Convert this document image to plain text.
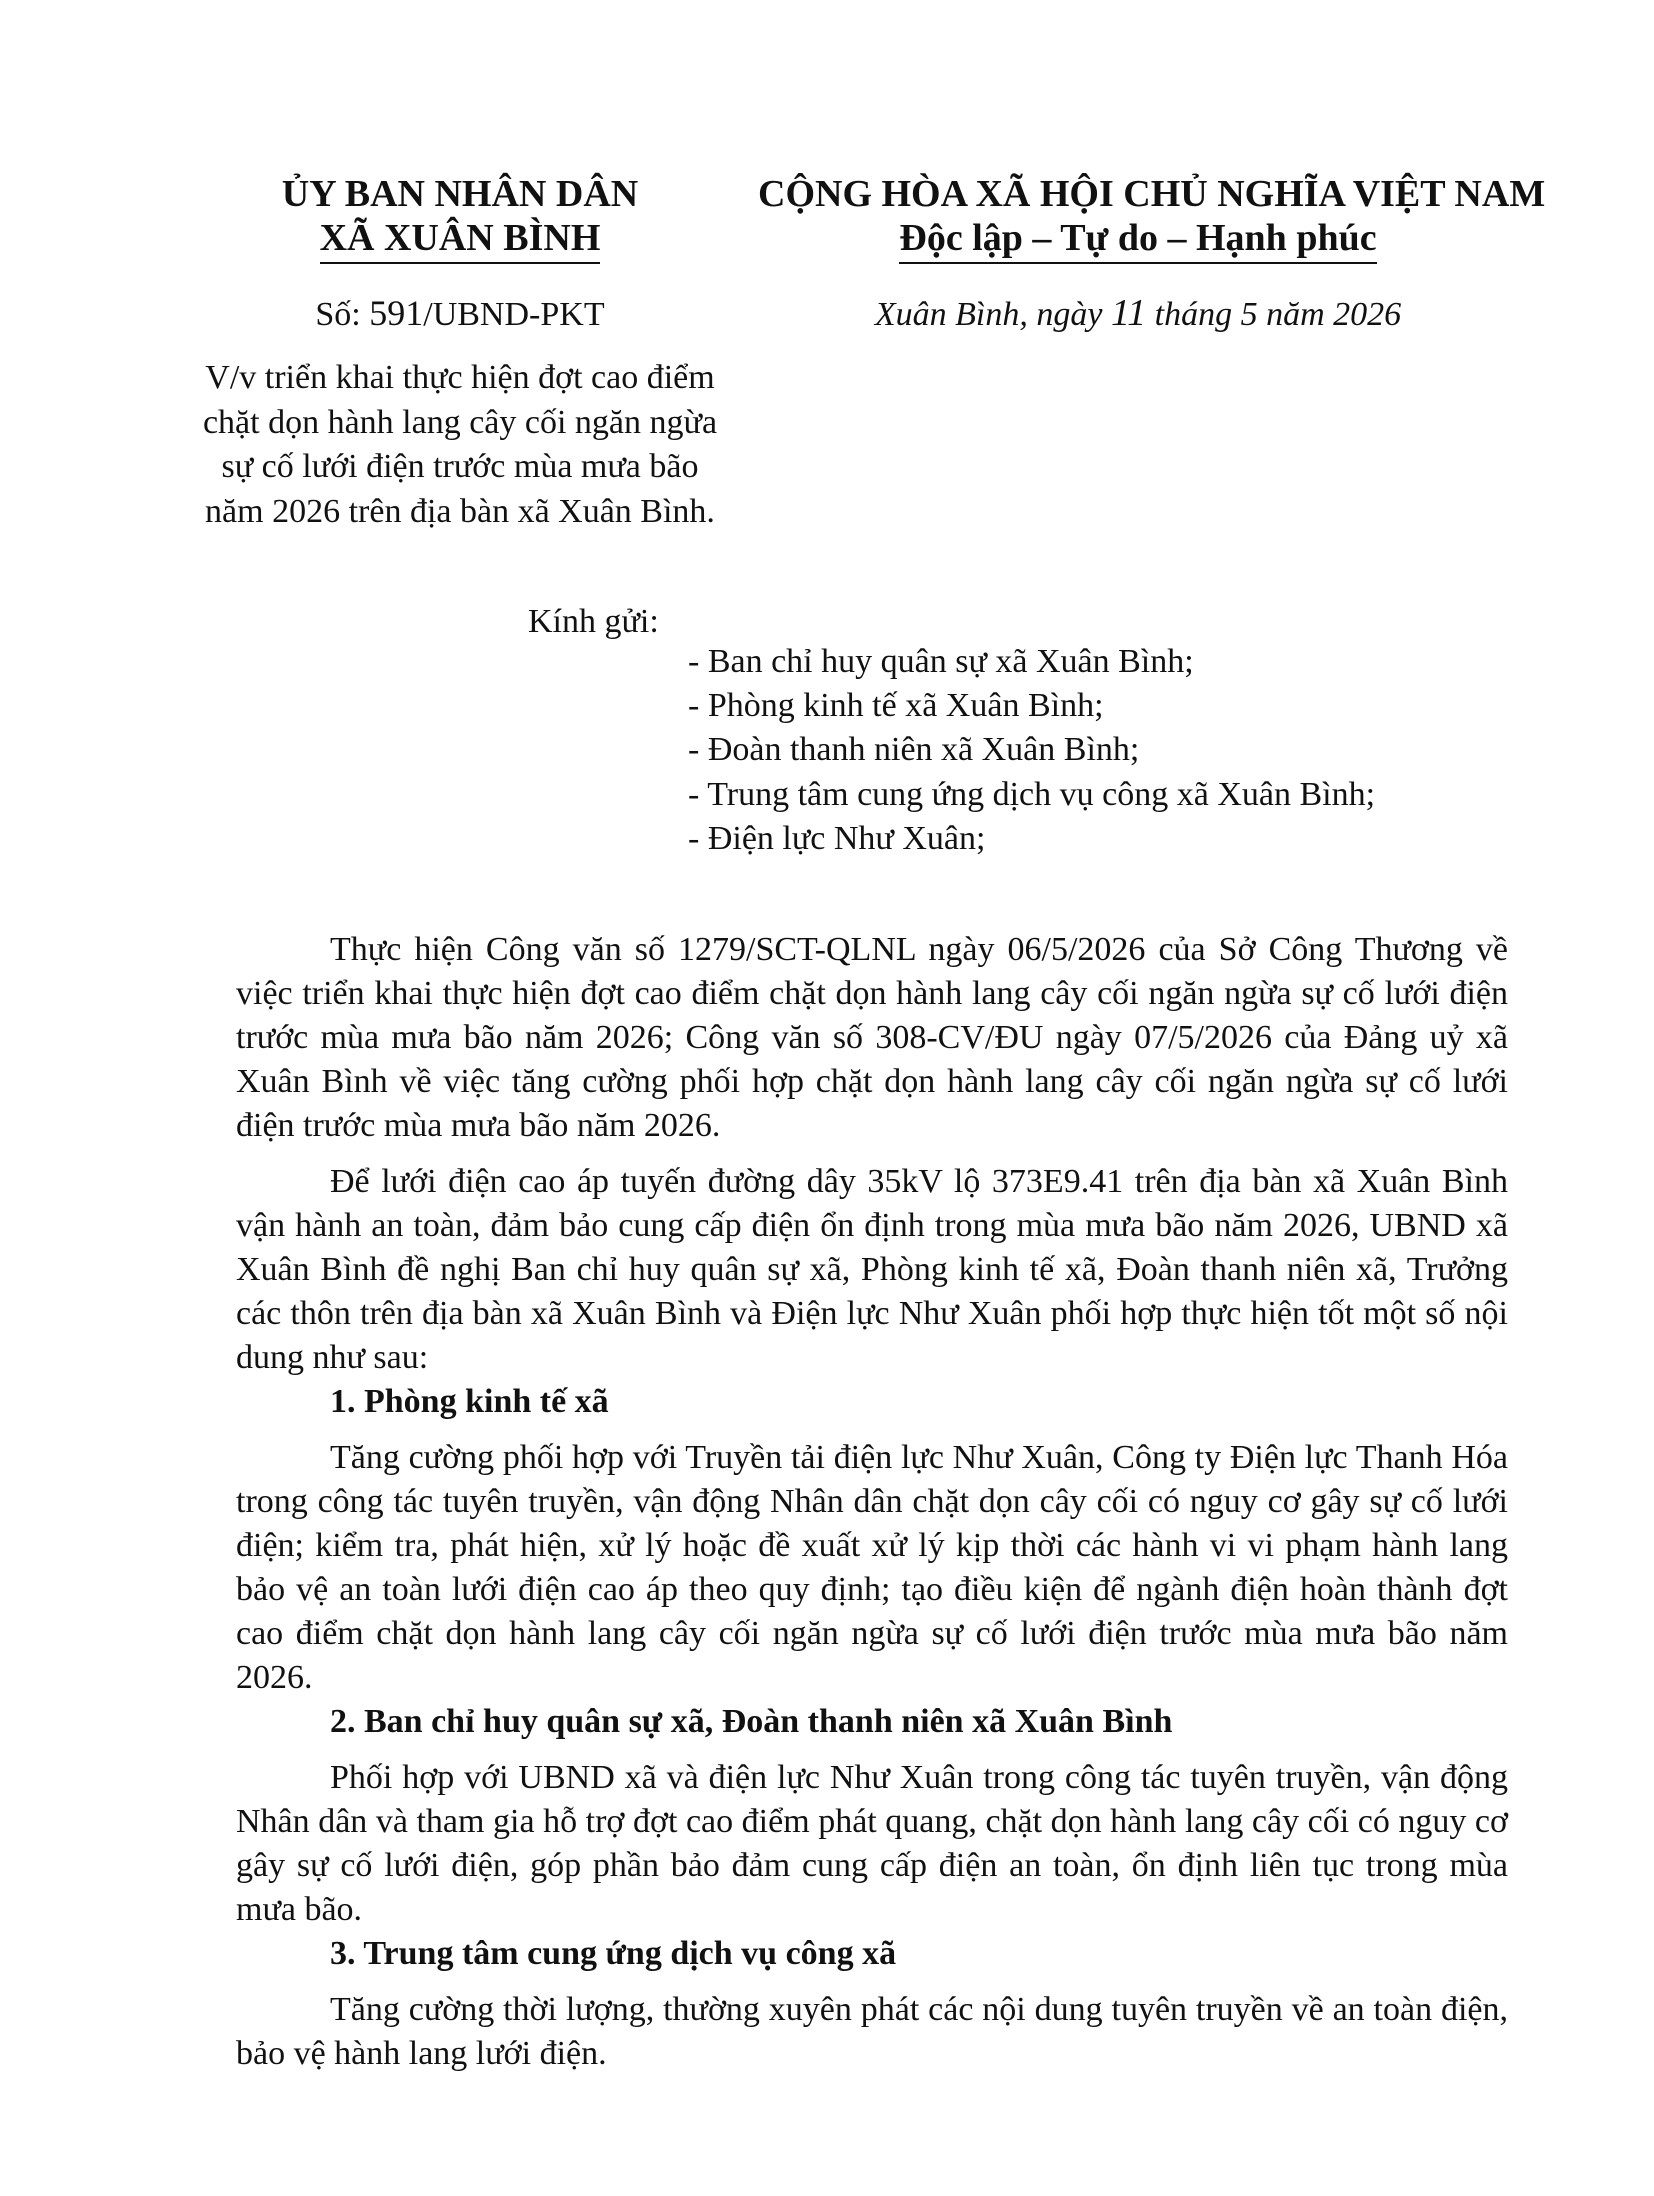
ỦY BAN NHÂN DÂN
XÃ XUÂN BÌNH
CỘNG HÒA XÃ HỘI CHỦ NGHĨA VIỆT NAM
Độc lập – Tự do – Hạnh phúc
Số: 591/UBND-PKT	Xuân Bình, ngày 11 tháng 5 năm 2026
V/v triển khai thực hiện đợt cao điểm
chặt dọn hành lang cây cối ngăn ngừa
sự cố lưới điện trước mùa mưa bão
năm 2026 trên địa bàn xã Xuân Bình.
Kính gửi:
- Ban chỉ huy quân sự xã Xuân Bình;
- Phòng kinh tế xã Xuân Bình;
- Đoàn thanh niên xã Xuân Bình;
- Trung tâm cung ứng dịch vụ công xã Xuân Bình;
- Điện lực Như Xuân;

Thực hiện Công văn số 1279/SCT-QLNL ngày 06/5/2026 của Sở Công Thương về việc triển khai thực hiện đợt cao điểm chặt dọn hành lang cây cối ngăn ngừa sự cố lưới điện trước mùa mưa bão năm 2026; Công văn số 308-CV/ĐU ngày 07/5/2026 của Đảng uỷ xã Xuân Bình về việc tăng cường phối hợp chặt dọn hành lang cây cối ngăn ngừa sự cố lưới điện trước mùa mưa bão năm 2026.

Để lưới điện cao áp tuyến đường dây 35kV lộ 373E9.41 trên địa bàn xã Xuân Bình vận hành an toàn, đảm bảo cung cấp điện ổn định trong mùa mưa bão năm 2026, UBND xã Xuân Bình đề nghị Ban chỉ huy quân sự xã, Phòng kinh tế xã, Đoàn thanh niên xã, Trưởng các thôn trên địa bàn xã Xuân Bình và Điện lực Như Xuân phối hợp thực hiện tốt một số nội dung như sau:

1. Phòng kinh tế xã

Tăng cường phối hợp với Truyền tải điện lực Như Xuân, Công ty Điện lực Thanh Hóa trong công tác tuyên truyền, vận động Nhân dân chặt dọn cây cối có nguy cơ gây sự cố lưới điện; kiểm tra, phát hiện, xử lý hoặc đề xuất xử lý kịp thời các hành vi vi phạm hành lang bảo vệ an toàn lưới điện cao áp theo quy định; tạo điều kiện để ngành điện hoàn thành đợt cao điểm chặt dọn hành lang cây cối ngăn ngừa sự cố lưới điện trước mùa mưa bão năm 2026.

2. Ban chỉ huy quân sự xã, Đoàn thanh niên xã Xuân Bình

Phối hợp với UBND xã và điện lực Như Xuân trong công tác tuyên truyền, vận động Nhân dân và tham gia hỗ trợ đợt cao điểm phát quang, chặt dọn hành lang cây cối có nguy cơ gây sự cố lưới điện, góp phần bảo đảm cung cấp điện an toàn, ổn định liên tục trong mùa mưa bão.

3. Trung tâm cung ứng dịch vụ công xã

Tăng cường thời lượng, thường xuyên phát các nội dung tuyên truyền về an toàn điện, bảo vệ hành lang lưới điện.
